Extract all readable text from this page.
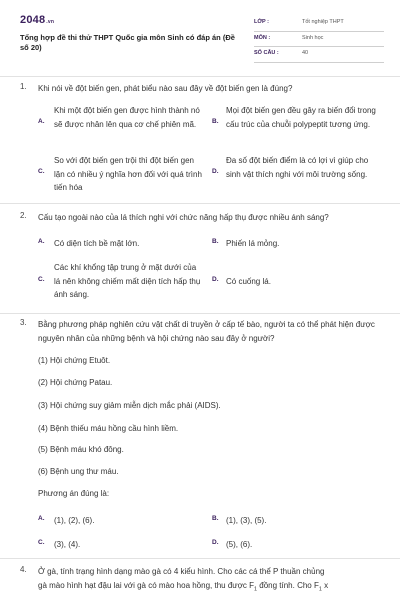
2048.vn
Tổng hợp đề thi thử THPT Quốc gia môn Sinh có đáp án (Đề số 20)
LỚP :	Tốt nghiệp THPT
MÔN :	Sinh học
SỐ CÂU :	40
1. Khi nói về đột biến gen, phát biểu nào sau đây về đột biến gen là đúng?
A.
Khi một đột biến gen được hình thành nó sẽ được nhân lên qua cơ chế phiên mã.	B.
Mọi đột biến gen đều gây ra biến đổi trong cấu trúc của chuỗi polypeptit tương ứng.
C.
So với đột biến gen trội thì đột biến gen lặn có nhiều ý nghĩa hơn đối với quá trình tiến hóa
D.
Đa số đột biến điểm là có lợi vì giúp cho sinh vật thích nghi với môi trường sống.
2. Cấu tạo ngoài nào của lá thích nghi với chức năng hấp thụ được nhiều ánh sáng?
A. Có diện tích bề mặt lớn.	B. Phiến lá mỏng.
C.
Các khí khổng tập trung ở mặt dưới của lá nên không chiếm mất diện tích hấp thụ ánh sáng.
D. Có cuống lá.
3. Bằng phương pháp nghiên cứu vật chất di truyền ở cấp tế bào, người ta có thể phát hiện được nguyên nhân của những bệnh và hội chứng nào sau đây ở người?
(1) Hội chứng Etuôt.
(2) Hội chứng Patau.
(3) Hội chứng suy giảm miễn dịch mắc phải (AIDS).
(4) Bệnh thiếu máu hồng cầu hình liềm.
(5) Bệnh máu khó đông.
(6) Bệnh ung thư máu.
Phương án đúng là:
A. (1), (2), (6).	B. (1), (3), (5).
C. (3), (4).	D. (5), (6).
4. Ở gà, tính trạng hình dạng mào gà có 4 kiểu hình. Cho các cá thể P thuần chủng
gà mào hình hạt đậu lai với gà có mào hoa hồng, thu được $F_1$ đồng tính. Cho $F_1$ x
